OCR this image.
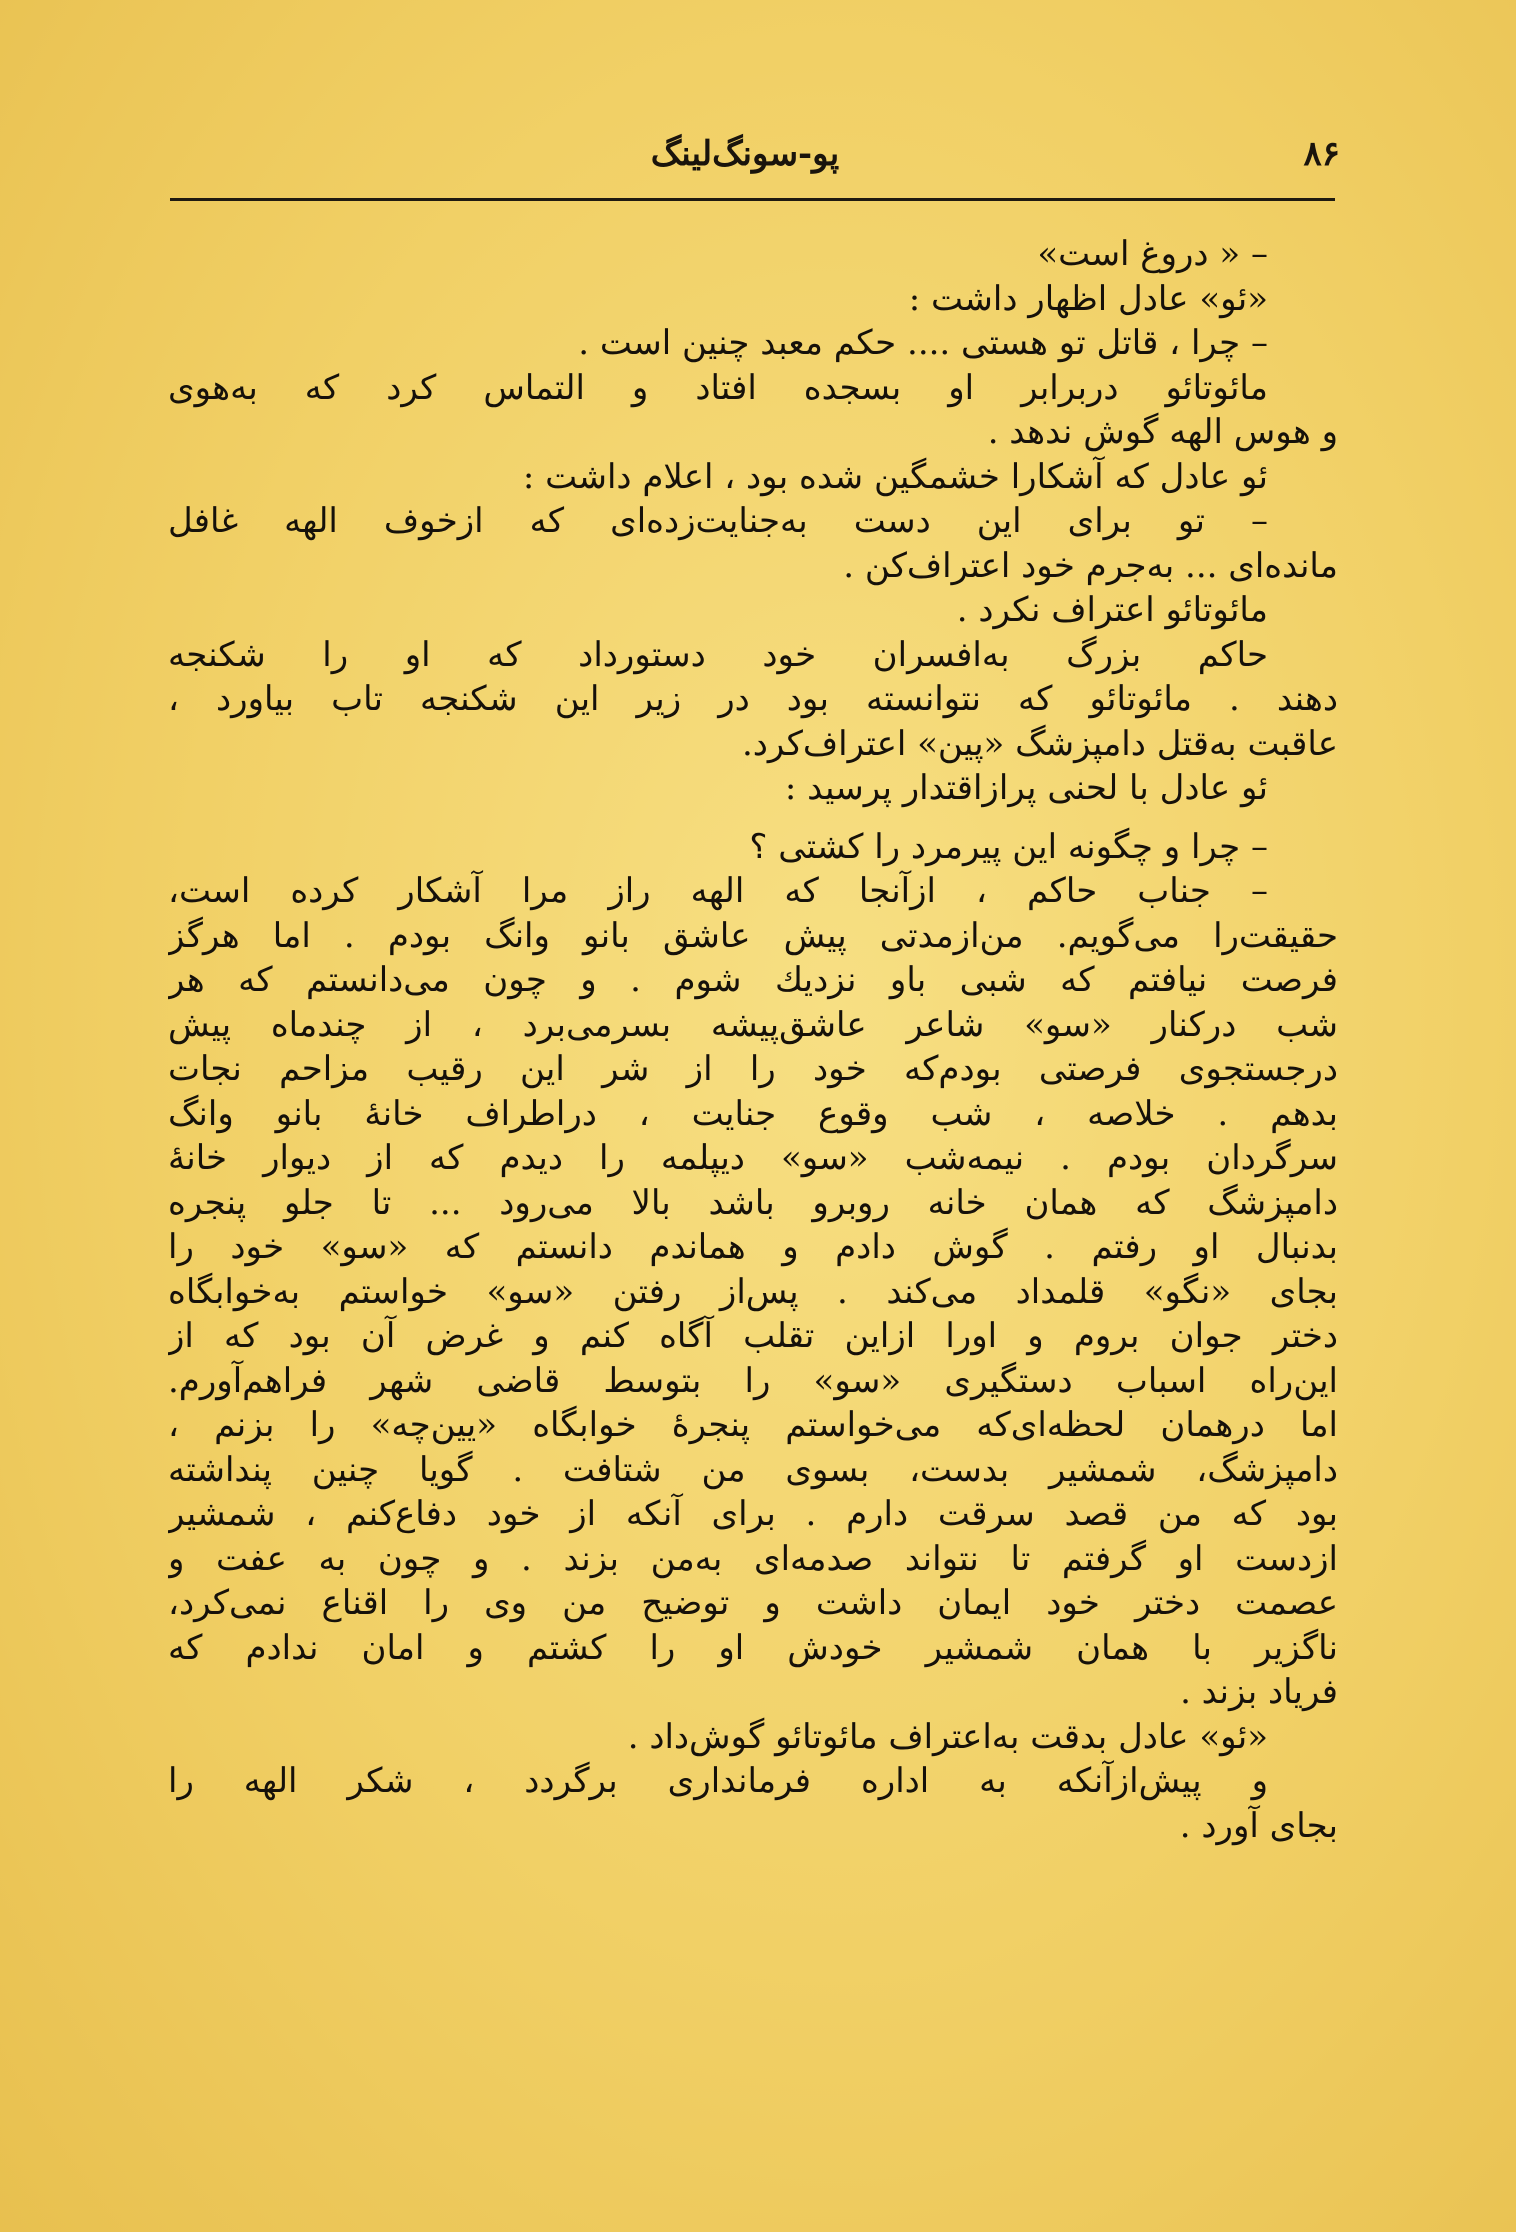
۸۶
پو-سونگ‌لینگ
– « دروغ است»
«ئو» عادل اظهار داشت :
– چرا ، قاتل تو هستی .... حکم معبد چنین است .
مائوتائو دربرابر او بسجده افتاد و التماس کرد که به‌هوی
و هوس الهه گوش ندهد .
ئو عادل که آشکارا خشمگین شده بود ، اعلام داشت :
– تو برای این دست به‌جنایت‌زده‌ای که ازخوف الهه غافل
مانده‌ای ... به‌جرم خود اعتراف‌کن .
مائوتائو اعتراف نکرد .
حاکم بزرگ به‌افسران خود دستورداد که او را شکنجه
دهند . مائوتائو که نتوانسته بود در زیر این شکنجه تاب بیاورد ،
عاقبت به‌قتل دامپزشگ «پین» اعتراف‌کرد.
ئو عادل با لحنی پرازاقتدار پرسید :
– چرا و چگونه این پیرمرد را کشتی ؟
– جناب حاکم ، ازآنجا که الهه راز مرا آشکار کرده است،
حقیقت‌را می‌گویم. من‌ازمدتی پیش عاشق بانو وانگ بودم . اما هرگز
فرصت نیافتم که شبی باو نزدیك شوم . و چون می‌دانستم که هر
شب درکنار «سو» شاعر عاشق‌پیشه بسرمی‌برد ، از چندماه پیش
درجستجوی فرصتی بودم‌که خود را از شر این رقیب مزاحم نجات
بدهم . خلاصه ، شب وقوع جنایت ، دراطراف خانهٔ بانو وانگ
سرگردان بودم . نیمه‌شب «سو» دیپلمه را دیدم که از دیوار خانهٔ
دامپزشگ که همان خانه روبرو باشد بالا می‌رود ... تا جلو پنجره
بدنبال او رفتم . گوش دادم و هماندم دانستم که «سو» خود را
بجای «نگو» قلمداد می‌کند . پس‌از رفتن «سو» خواستم به‌خوابگاه
دختر جوان بروم و اورا ازاین تقلب آگاه کنم و غرض آن بود که از
این‌راه اسباب دستگیری «سو» را بتوسط قاضی شهر فراهم‌آورم.
اما درهمان لحظه‌ای‌که می‌خواستم پنجرهٔ خوابگاه «یین‌چه» را بزنم ،
دامپزشگ، شمشیر بدست، بسوی من شتافت . گویا چنین پنداشته
بود که من قصد سرقت دارم . برای آنکه از خود دفاع‌کنم ، شمشیر
ازدست او گرفتم تا نتواند صدمه‌ای به‌من بزند . و چون به عفت و
عصمت دختر خود ایمان داشت و توضیح من وی را اقناع نمی‌کرد،
ناگزیر با همان شمشیر خودش او را کشتم و امان ندادم که
فریاد بزند .
«ئو» عادل بدقت به‌اعتراف مائوتائو گوش‌داد .
و پیش‌ازآنکه به اداره فرمانداری برگردد ، شکر الهه را
بجای آورد .
